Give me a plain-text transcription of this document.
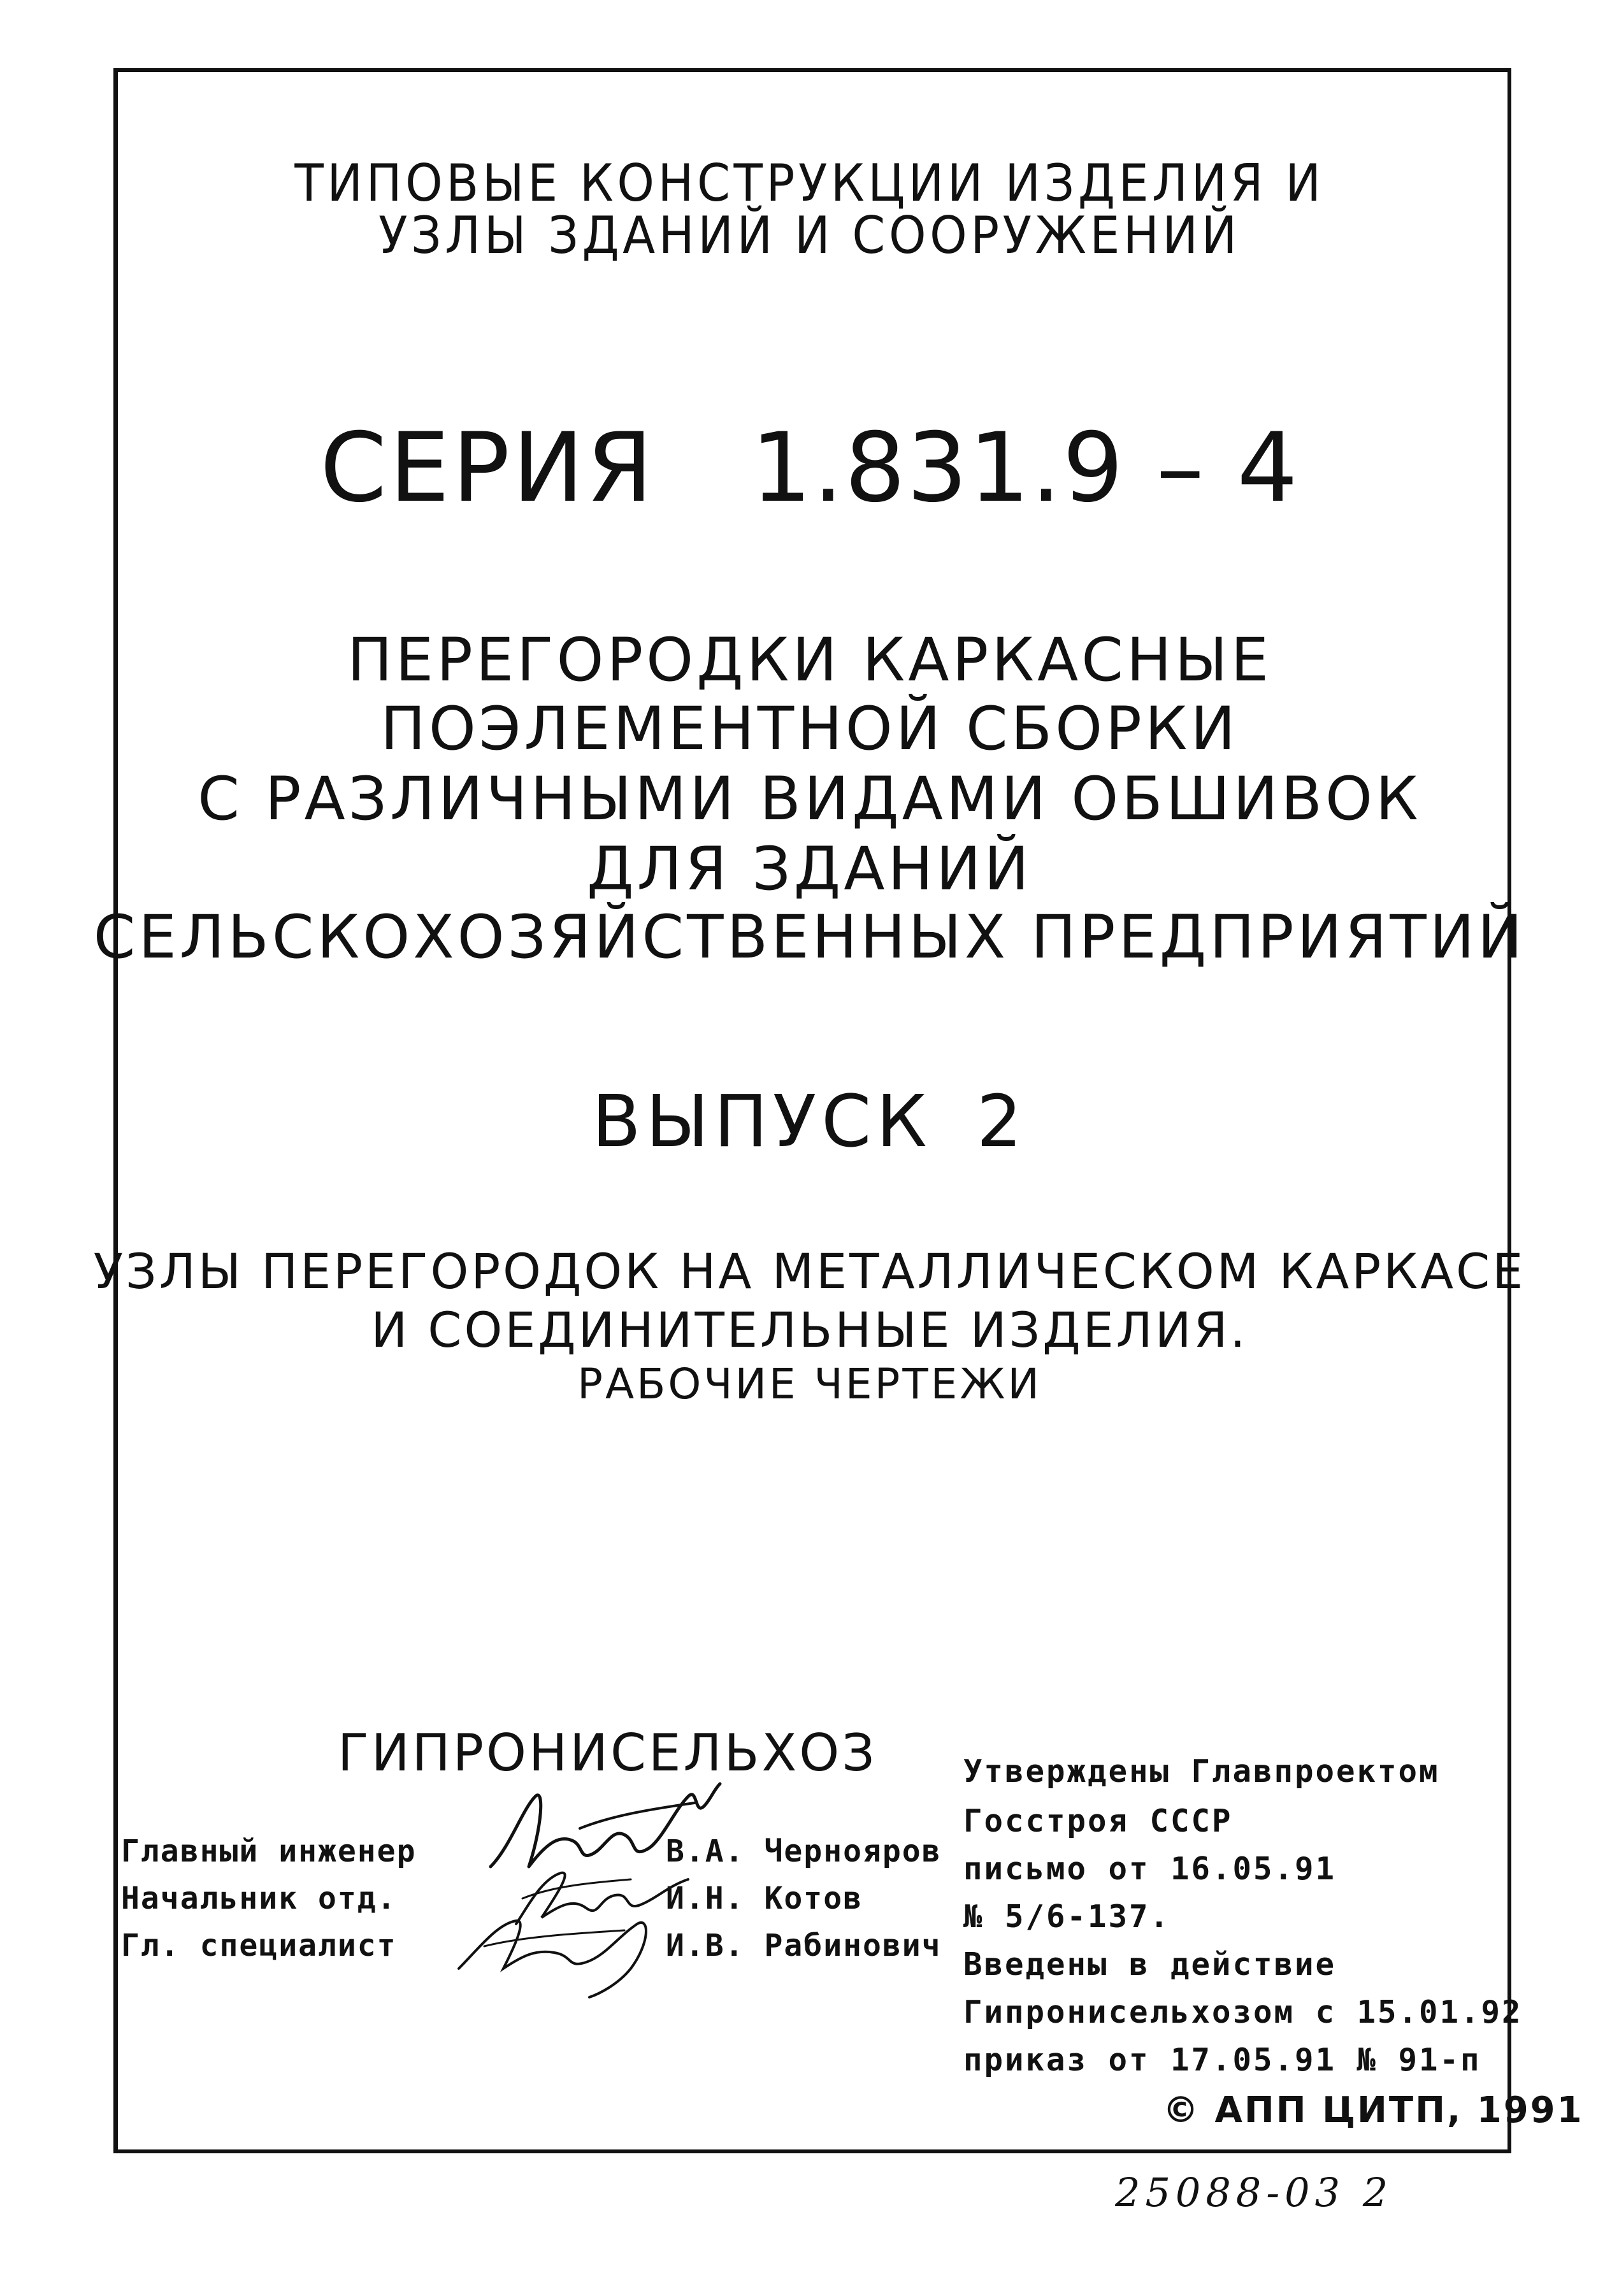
ТИПОВЫЕ КОНСТРУКЦИИ ИЗДЕЛИЯ И
УЗЛЫ ЗДАНИЙ И СООРУЖЕНИЙ
СЕРИЯ 1.831.9 – 4
ПЕРЕГОРОДКИ КАРКАСНЫЕ
ПОЭЛЕМЕНТНОЙ СБОРКИ
С РАЗЛИЧНЫМИ ВИДАМИ ОБШИВОК
ДЛЯ ЗДАНИЙ
СЕЛЬСКОХОЗЯЙСТВЕННЫХ ПРЕДПРИЯТИЙ
ВЫПУСК 2
УЗЛЫ ПЕРЕГОРОДОК НА МЕТАЛЛИЧЕСКОМ КАРКАСЕ
И СОЕДИНИТЕЛЬНЫЕ ИЗДЕЛИЯ.
РАБОЧИЕ ЧЕРТЕЖИ
ГИПРОНИСЕЛЬХОЗ
Главный инженер	В.А. Чернояров
Начальник отд.	И.Н. Котов
Гл. специалист	И.В. Рабинович
Утверждены Главпроектом
Госстроя СССР
письмо от 16.05.91
№ 5/6-137.
Введены в действие
Гипронисельхозом с 15.01.92
приказ от 17.05.91 № 91-п
© АПП ЦИТП, 1991
25088-03 2
